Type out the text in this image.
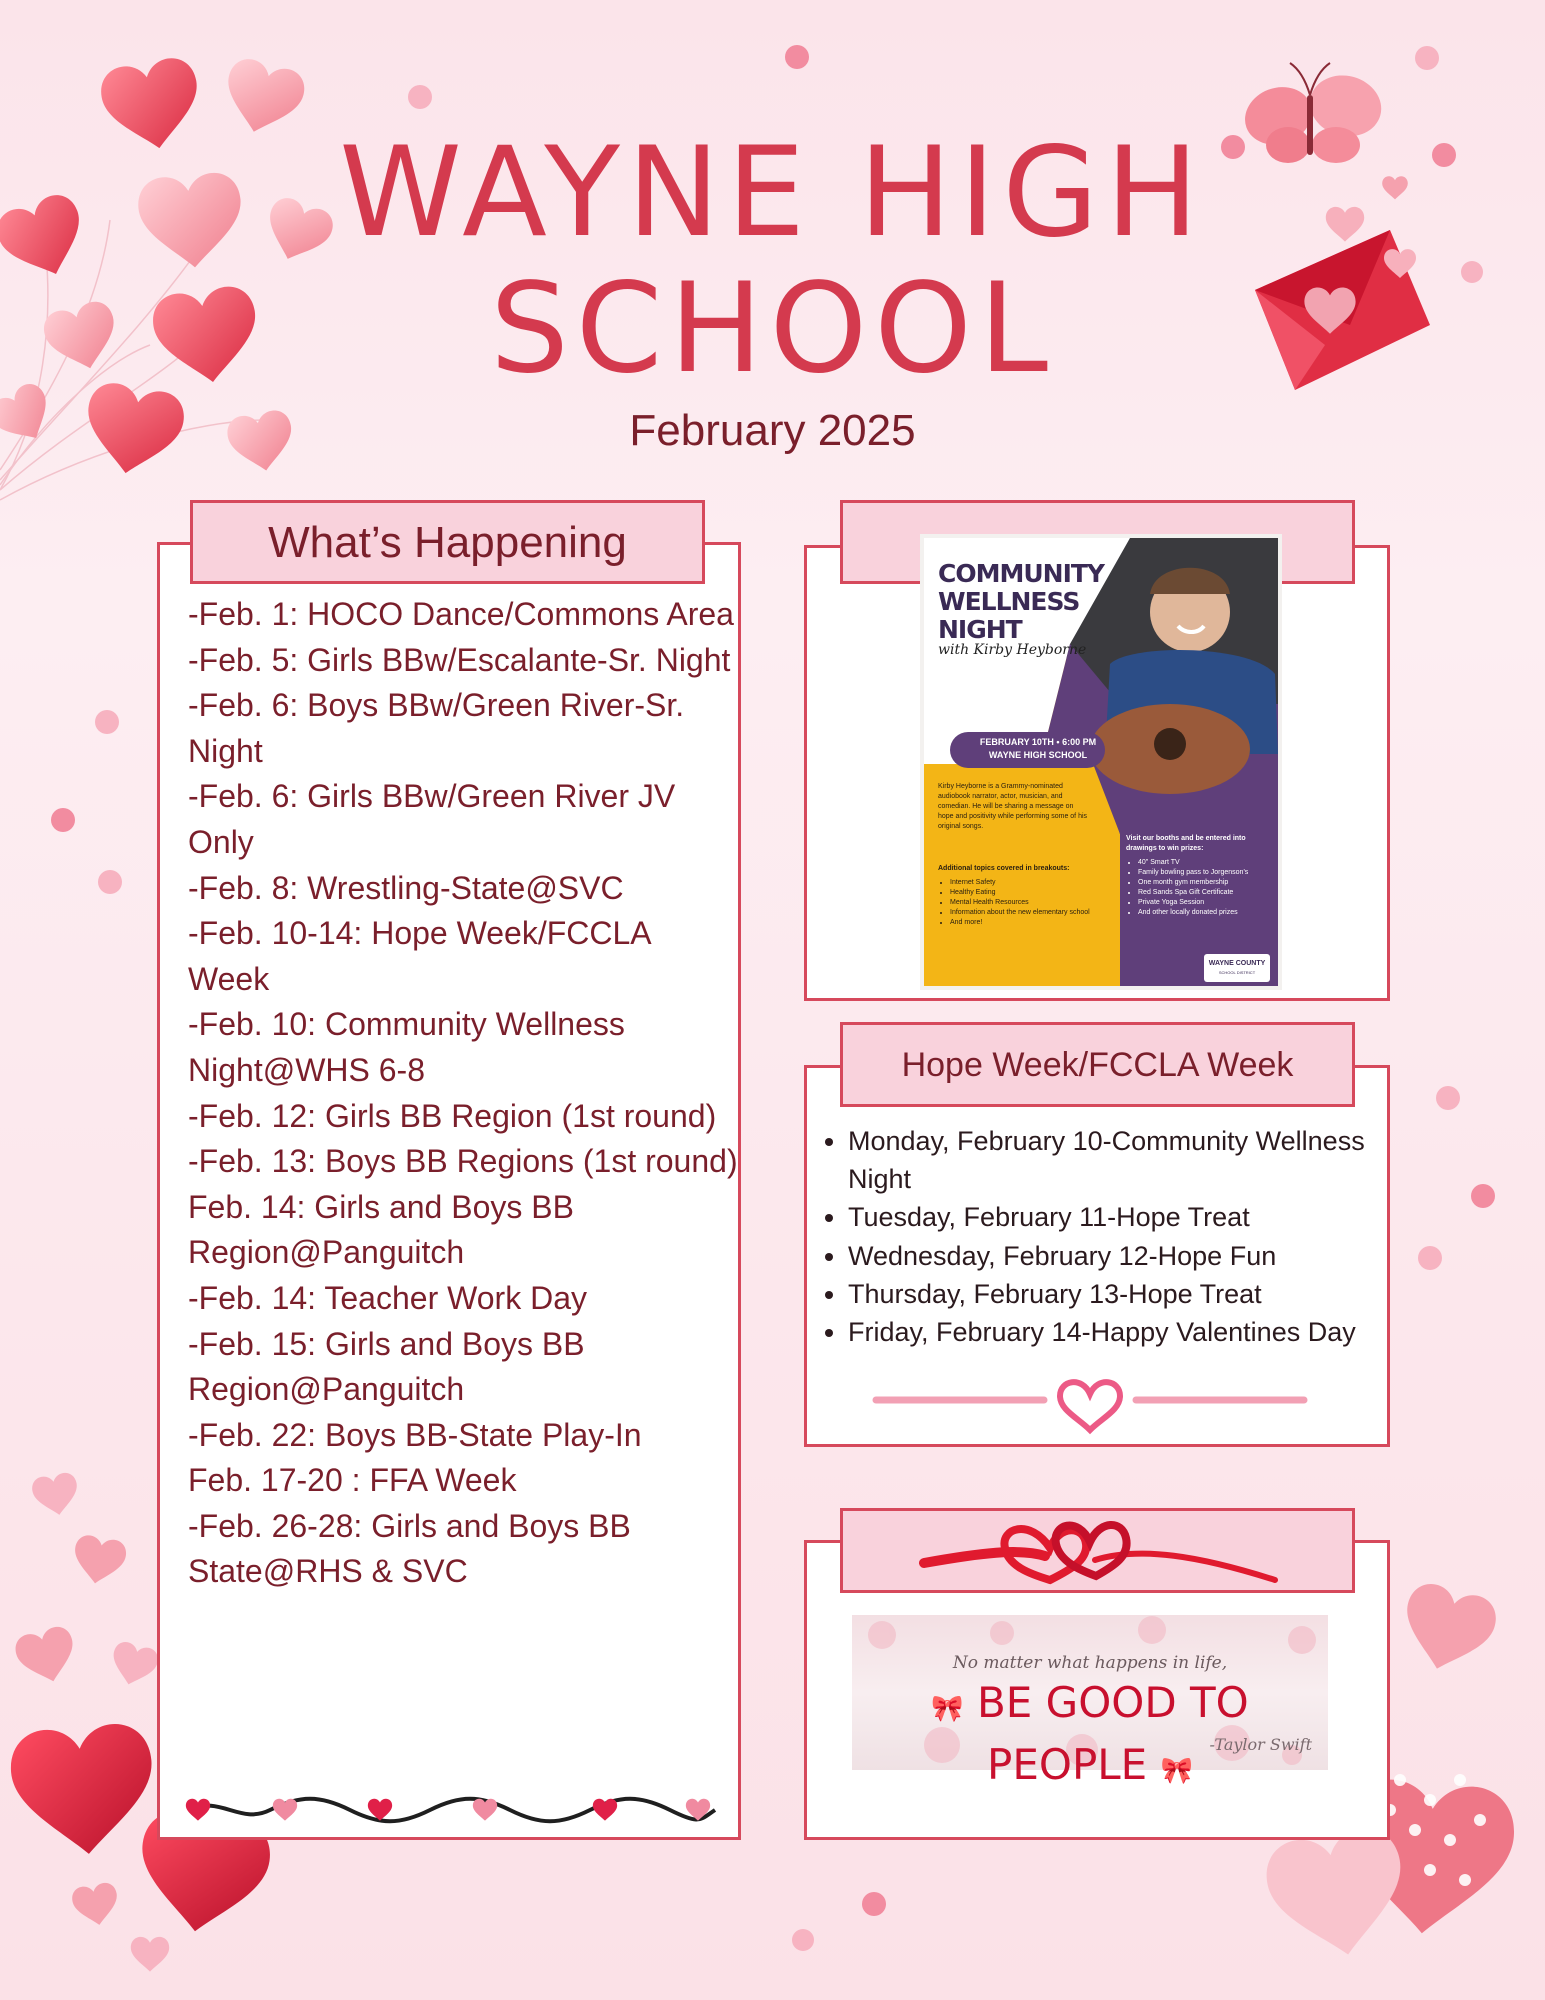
WAYNE HIGH
SCHOOL

February 2025

What’s Happening
-Feb. 1: HOCO Dance/Commons Area
-Feb. 5: Girls BBw/Escalante-Sr. Night
-Feb. 6: Boys BBw/Green River-Sr. Night
-Feb. 6: Girls BBw/Green River JV Only
-Feb. 8: Wrestling-State@SVC
-Feb. 10-14: Hope Week/FCCLA Week
-Feb. 10: Community Wellness Night@WHS 6-8
-Feb. 12: Girls BB Region (1st round)
-Feb. 13: Boys BB Regions (1st round)
Feb. 14: Girls and Boys BB Region@Panguitch
-Feb. 14: Teacher Work Day
-Feb. 15: Girls and Boys BB Region@Panguitch
-Feb. 22: Boys BB-State Play-In
Feb. 17-20 : FFA Week
-Feb. 26-28: Girls and Boys BB State@RHS & SVC
COMMUNITY
WELLNESS NIGHT
with Kirby Heyborne
FEBRUARY 10TH • 6:00 PM
WAYNE HIGH SCHOOL
Kirby Heyborne is a Grammy-nominated audiobook narrator, actor, musician, and comedian. He will be sharing a message on hope and positivity while performing some of his original songs.
Additional topics covered in breakouts:
• Internet Safety
• Healthy Eating
• Mental Health Resources
• Information about the new elementary school
• And more!
Visit our booths and be entered into drawings to win prizes:
• 40" Smart TV
• Family bowling pass to Jorgenson's
• One month gym membership
• Red Sands Spa Gift Certificate
• Private Yoga Session
• And other locally donated prizes
WAYNE COUNTY
SCHOOL DISTRICT
Hope Week/FCCLA Week
• Monday, February 10-Community Wellness Night
• Tuesday, February 11-Hope Treat
• Wednesday, February 12-Hope Fun
• Thursday, February 13-Hope Treat
• Friday, February 14-Happy Valentines Day
No matter what happens in life,
🎀 BE GOOD TO PEOPLE 🎀
-Taylor Swift
